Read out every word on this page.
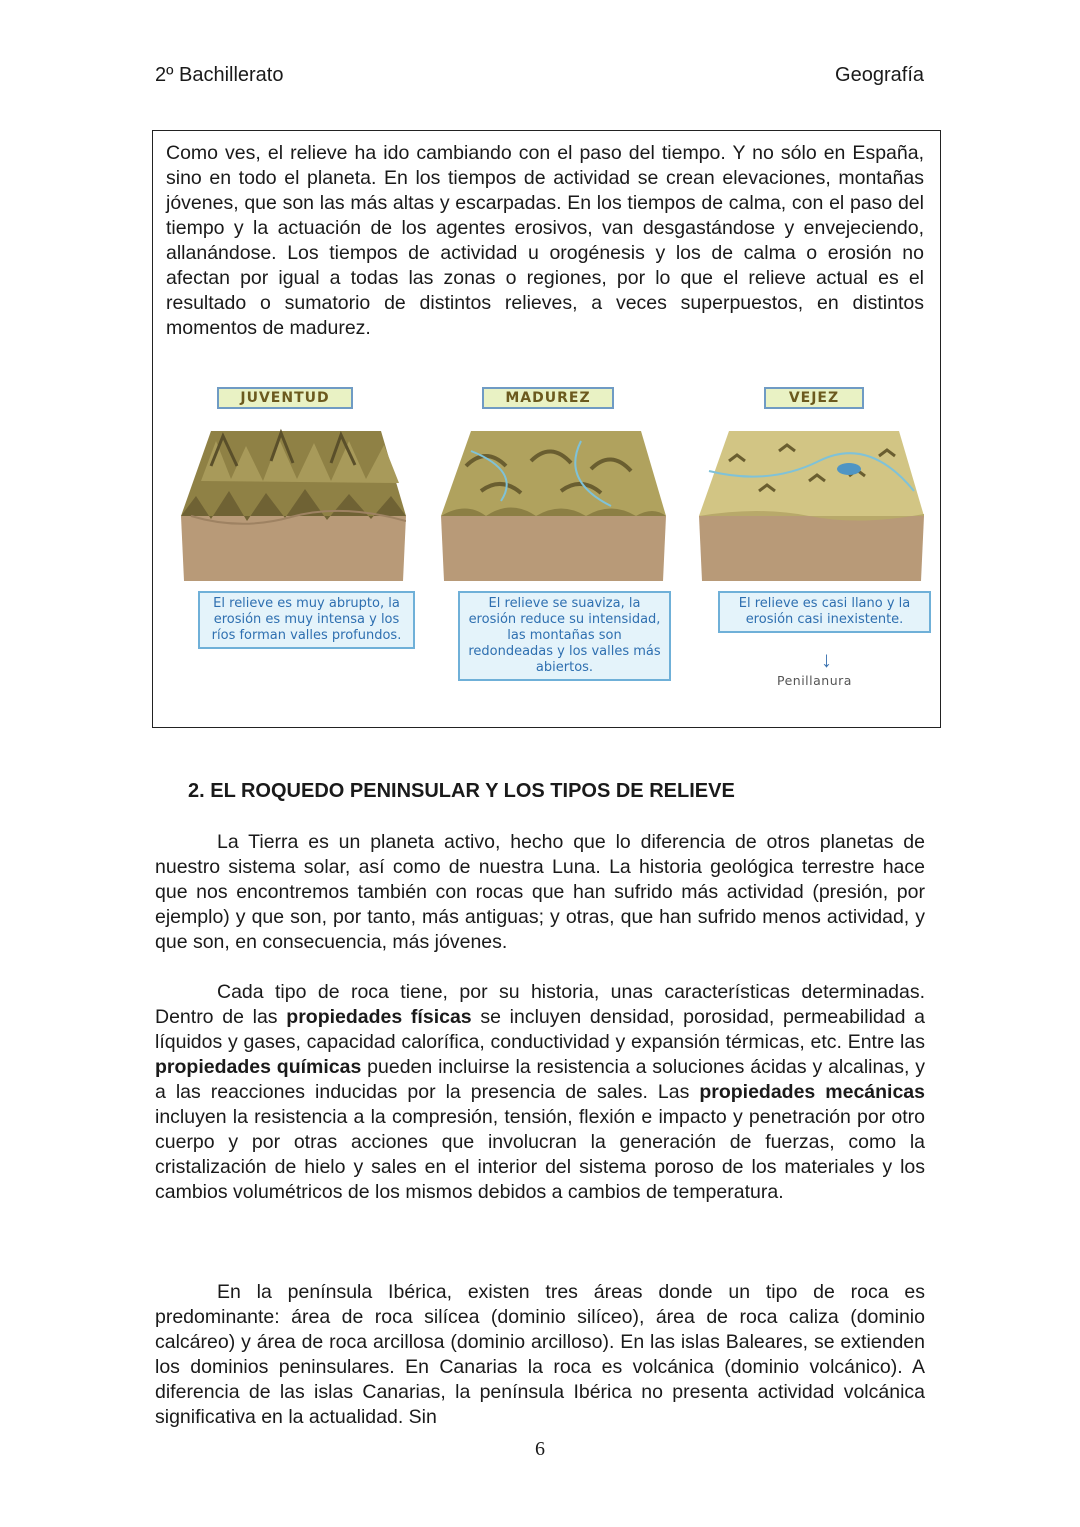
2º Bachillerato	Geografía
Como ves, el relieve ha ido cambiando con el paso del tiempo. Y no sólo en España, sino en todo el planeta. En los tiempos de actividad se crean elevaciones, montañas jóvenes, que son las más altas y escarpadas. En los tiempos de calma, con el paso del tiempo y la actuación de los agentes erosivos, van desgastándose y envejeciendo, allanándose. Los tiempos de actividad u orogénesis y los de calma o erosión no afectan por igual a todas las zonas o regiones, por lo que el relieve actual es el resultado o sumatorio de distintos relieves, a veces superpuestos, en distintos momentos de madurez.
JUVENTUD	MADUREZ	VEJEZ
El relieve es muy abrupto, la erosión es muy intensa y los ríos forman valles profundos.
El relieve se suaviza, la erosión reduce su intensidad, las montañas son redondeadas y los valles más abiertos.
El relieve es casi llano y la erosión casi inexistente.
↓
Penillanura
2. EL ROQUEDO PENINSULAR Y LOS TIPOS DE RELIEVE
La Tierra es un planeta activo, hecho que lo diferencia de otros planetas de nuestro sistema solar, así como de nuestra Luna. La historia geológica terrestre hace que nos encontremos también con rocas que han sufrido más actividad (presión, por ejemplo) y que son, por tanto, más antiguas; y otras, que han sufrido menos actividad, y que son, en consecuencia, más jóvenes.
Cada tipo de roca tiene, por su historia, unas características determinadas. Dentro de las propiedades físicas se incluyen densidad, porosidad, permeabilidad a líquidos y gases, capacidad calorífica, conductividad y expansión térmicas, etc. Entre las propiedades químicas pueden incluirse la resistencia a soluciones ácidas y alcalinas, y a las reacciones inducidas por la presencia de sales. Las propiedades mecánicas incluyen la resistencia a la compresión, tensión, flexión e impacto y penetración por otro cuerpo y por otras acciones que involucran la generación de fuerzas, como la cristalización de hielo y sales en el interior del sistema poroso de los materiales y los cambios volumétricos de los mismos debidos a cambios de temperatura.
En la península Ibérica, existen tres áreas donde un tipo de roca es predominante: área de roca silícea (dominio silíceo), área de roca caliza (dominio calcáreo) y área de roca arcillosa (dominio arcilloso). En las islas Baleares, se extienden los dominios peninsulares. En Canarias la roca es volcánica (dominio volcánico). A diferencia de las islas Canarias, la península Ibérica no presenta actividad volcánica significativa en la actualidad. Sin
6
